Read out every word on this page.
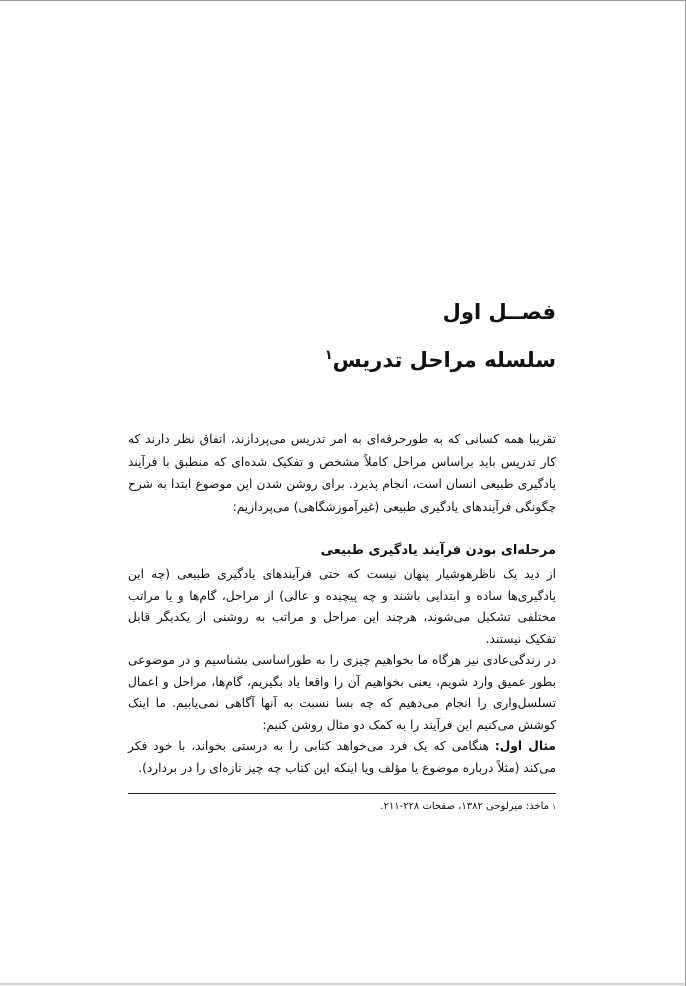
فصــل اول
سلسله مراحل تدریس$^۱$
تقریبا همه کسانی که به طورحرفه‌ای به امر تدریس می‌پردازند، اتفاق نظر دارند که کار تدریس باید براساس مراحل کاملاً مشخص و تفکیک شده‌ای که منطبق با فرآیند یادگیری طبیعی انسان است، انجام پذیرد. برای روشن شدن این موضوع ابتدا به شرح چگونگی فرآیندهای یادگیری طبیعی (غیرآموزشگاهی) می‌پردازیم:
مرحله‌ای بودن فرآیند یادگیری طبیعی

از دید یک ناظرهوشیار پنهان نیست که حتی فرآیندهای یادگیری طبیعی (چه این یادگیری‌ها ساده و ابتدایی باشند و چه پیچیده و عالی) از مراحل، گام‌ها و یا مراتب مختلفی تشکیل می‌شوند، هرچند این مراحل و مراتب به روشنی از یکدیگر قابل تفکیک نیستند.

در زندگی‌عادی نیز هرگاه ما بخواهیم چیزی را به طوراساسی بشناسیم و در موضوعی بطور عمیق وارد شویم، یعنی بخواهیم آن را واقعا یاد بگیریم، گام‌ها، مراحل و اعمال تسلسل‌واری را انجام می‌دهیم که چه بسا نسبت به آنها آگاهی نمی‌یابیم. ما اینک کوشش می‌کنیم این فرآیند را به کمک دو مثال روشن کنیم:

مثال اول: هنگامی که یک فرد می‌خواهد کتابی را به درستی بخواند، با خود فکر می‌کند (مثلاً درباره موضوع یا مؤلف ویا اینکه این کتاب چه چیز تازه‌ای را در بردارد).

$^۱$ ماخذ: میرلوحی ۱۳۸۲، صفحات ۲۲۸-۲۱۱.
